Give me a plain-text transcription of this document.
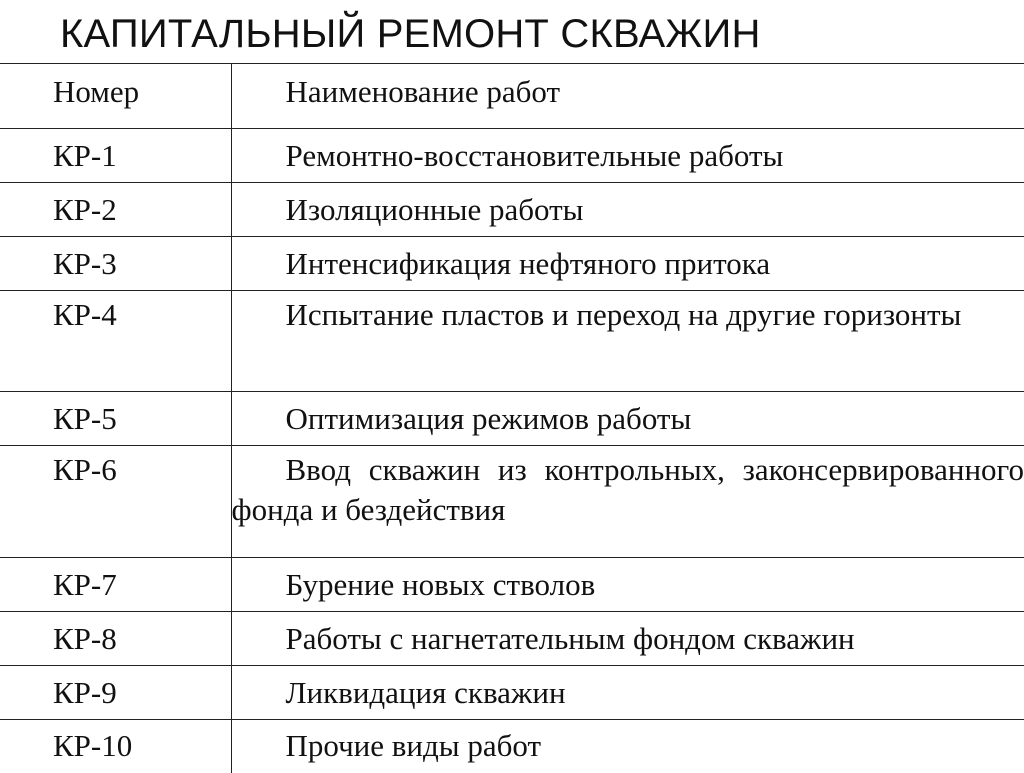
КАПИТАЛЬНЫЙ РЕМОНТ СКВАЖИН
Номер	Наименование работ

КР-1	Ремонтно-восстановительные работы

КР-2	Изоляционные работы

КР-3	Интенсификация нефтяного притока

КР-4	Испытание пластов и переход на другие горизонты

КР-5	Оптимизация режимов работы

КР-6	Ввод скважин из контрольных, законсервированного фонда и бездействия

КР-7	Бурение новых стволов

КР-8	Работы с нагнетательным фондом скважин

КР-9	Ликвидация скважин

КР-10	Прочие виды работ
